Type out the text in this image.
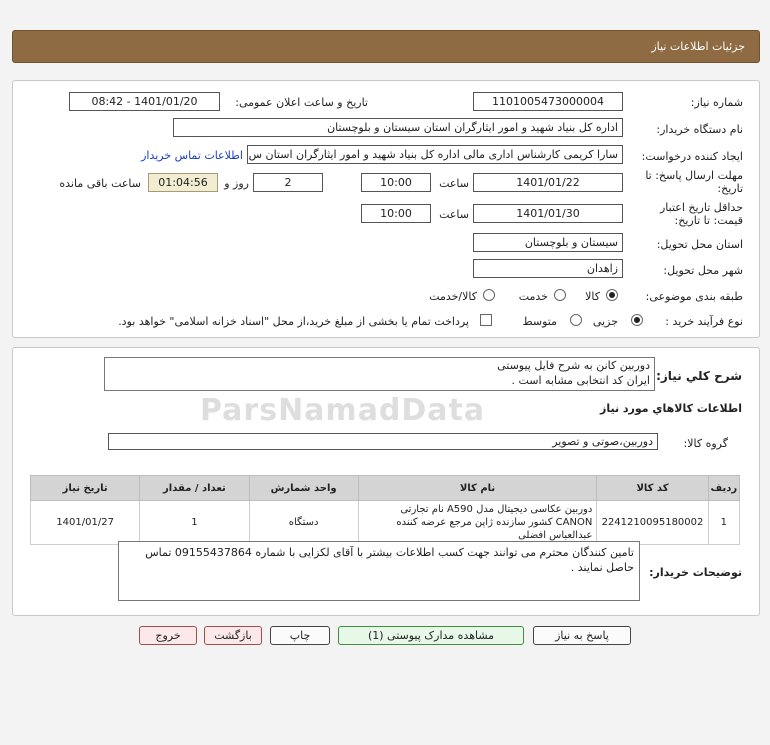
جزئیات اطلاعات نیاز
شماره نیاز:
1101005473000004
تاریخ و ساعت اعلان عمومی:
1401/01/20 - 08:42
نام دستگاه خریدار:
اداره کل بنیاد شهید و امور ایثارگران استان سیستان و بلوچستان
ایجاد کننده درخواست:
سارا کریمی کارشناس اداری مالی اداره کل بنیاد شهید و امور ایثارگران استان س
اطلاعات تماس خریدار
مهلت ارسال پاسخ: تا
تاریخ:
1401/01/22
ساعت
10:00
2
روز و
01:04:56
ساعت باقی مانده
حداقل تاریخ اعتبار
قیمت: تا تاریخ:
1401/01/30
ساعت
10:00
استان محل تحویل:
سیستان و بلوچستان
شهر محل تحویل:
زاهدان
طبقه بندی موضوعی:
کالا
خدمت
کالا/خدمت
نوع فرآیند خرید :
جزیی
متوسط
پرداخت تمام یا بخشی از مبلغ خرید،از محل "اسناد خزانه اسلامی" خواهد بود.
شرح کلي نياز:
دوربین کانن به شرح فایل پیوستی
ایران کد انتخابی مشابه است .
ParsNamadData	اطلاعات کالاهاي مورد نياز
گروه کالا:
دوربین،صوتی و تصویر
ردیف	کد کالا	نام کالا	واحد شمارش	تعداد / مقدار	تاریخ نیاز
1	2241210095180002	دوربین عکاسی دیجیتال مدل A590 نام تجارتی CANON کشور سازنده ژاپن مرجع عرضه کننده عبدالعباس افضلی	دستگاه	1	1401/01/27
توضیحات خریدار:
تامین کنندگان محترم می توانند جهت کسب اطلاعات بیشتر با آقای لکزایی با شماره 09155437864 تماس حاصل نمایند .
پاسخ به نیاز
مشاهده مدارک پیوستی (1)
چاپ
بازگشت
خروج
